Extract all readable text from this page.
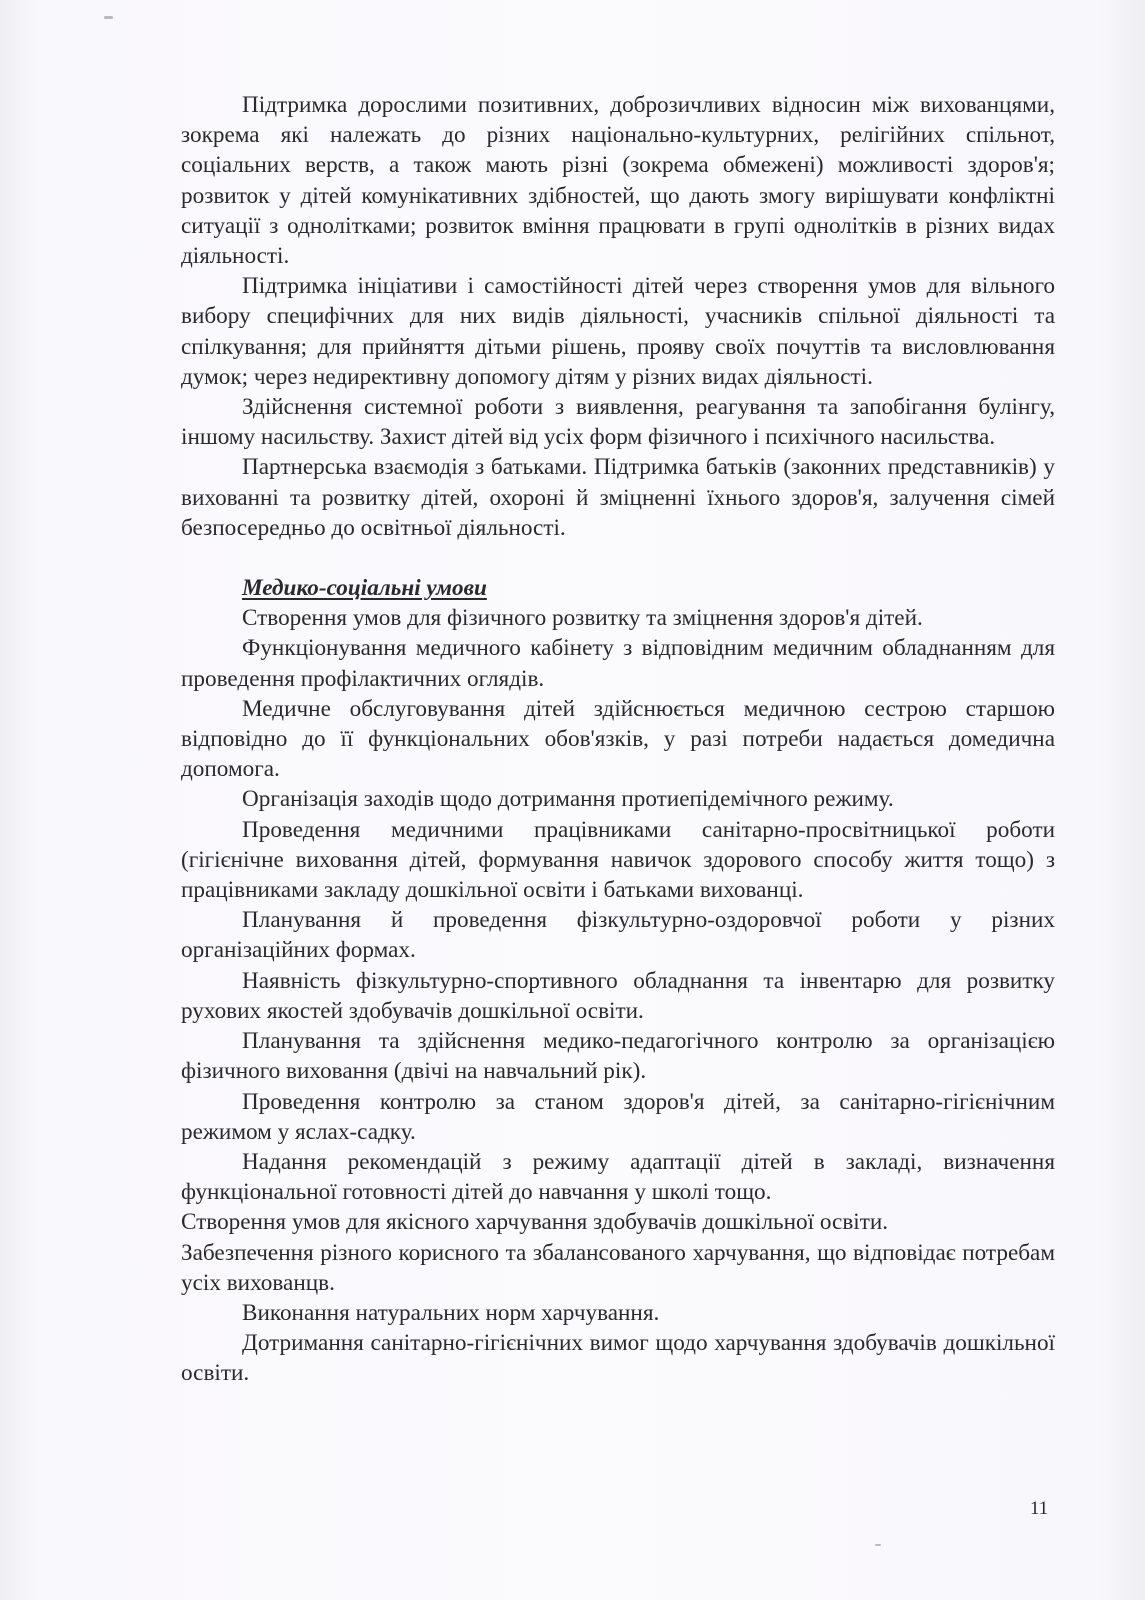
Підтримка дорослими позитивних, доброзичливих відносин між вихованцями, зокрема які належать до різних національно-культурних, релігійних спільнот, соціальних верств, а також мають різні (зокрема обмежені) можливості здоров'я; розвиток у дітей комунікативних здібностей, що дають змогу вирішувати конфліктні ситуації з однолітками; розвиток вміння працювати в групі однолітків в різних видах діяльності.

Підтримка ініціативи і самостійності дітей через створення умов для вільного вибору специфічних для них видів діяльності, учасників спільної діяльності та спілкування; для прийняття дітьми рішень, прояву своїх почуттів та висловлювання думок; через недирективну допомогу дітям у різних видах діяльності.

Здійснення системної роботи з виявлення, реагування та запобігання булінгу, іншому насильству. Захист дітей від усіх форм фізичного і психічного насильства.

Партнерська взаємодія з батьками. Підтримка батьків (законних представників) у вихованні та розвитку дітей, охороні й зміцненні їхнього здоров'я, залучення сімей безпосередньо до освітньої діяльності.

Медико-соціальні умови

Створення умов для фізичного розвитку та зміцнення здоров'я дітей.

Функціонування медичного кабінету з відповідним медичним обладнанням для проведення профілактичних оглядів.

Медичне обслуговування дітей здійснюється медичною сестрою старшою відповідно до її функціональних обов'язків, у разі потреби надається домедична допомога.

Організація заходів щодо дотримання протиепідемічного режиму.

Проведення медичними працівниками санітарно-просвітницької роботи (гігієнічне виховання дітей, формування навичок здорового способу життя тощо) з працівниками закладу дошкільної освіти і батьками вихованці.

Планування й проведення фізкультурно-оздоровчої роботи у різних організаційних формах.

Наявність фізкультурно-спортивного обладнання та інвентарю для розвитку рухових якостей здобувачів дошкільної освіти.

Планування та здійснення медико-педагогічного контролю за організацією фізичного виховання (двічі на навчальний рік).

Проведення контролю за станом здоров'я дітей, за санітарно-гігієнічним режимом у яслах-садку.

Надання рекомендацій з режиму адаптації дітей в закладі, визначення функціональної готовності дітей до навчання у школі тощо.

Створення умов для якісного харчування здобувачів дошкільної освіти.

Забезпечення різного корисного та збалансованого харчування, що відповідає потребам усіх вихованцв.

Виконання натуральних норм харчування.

Дотримання санітарно-гігієнічних вимог щодо харчування здобувачів дошкільної освіти.

11
